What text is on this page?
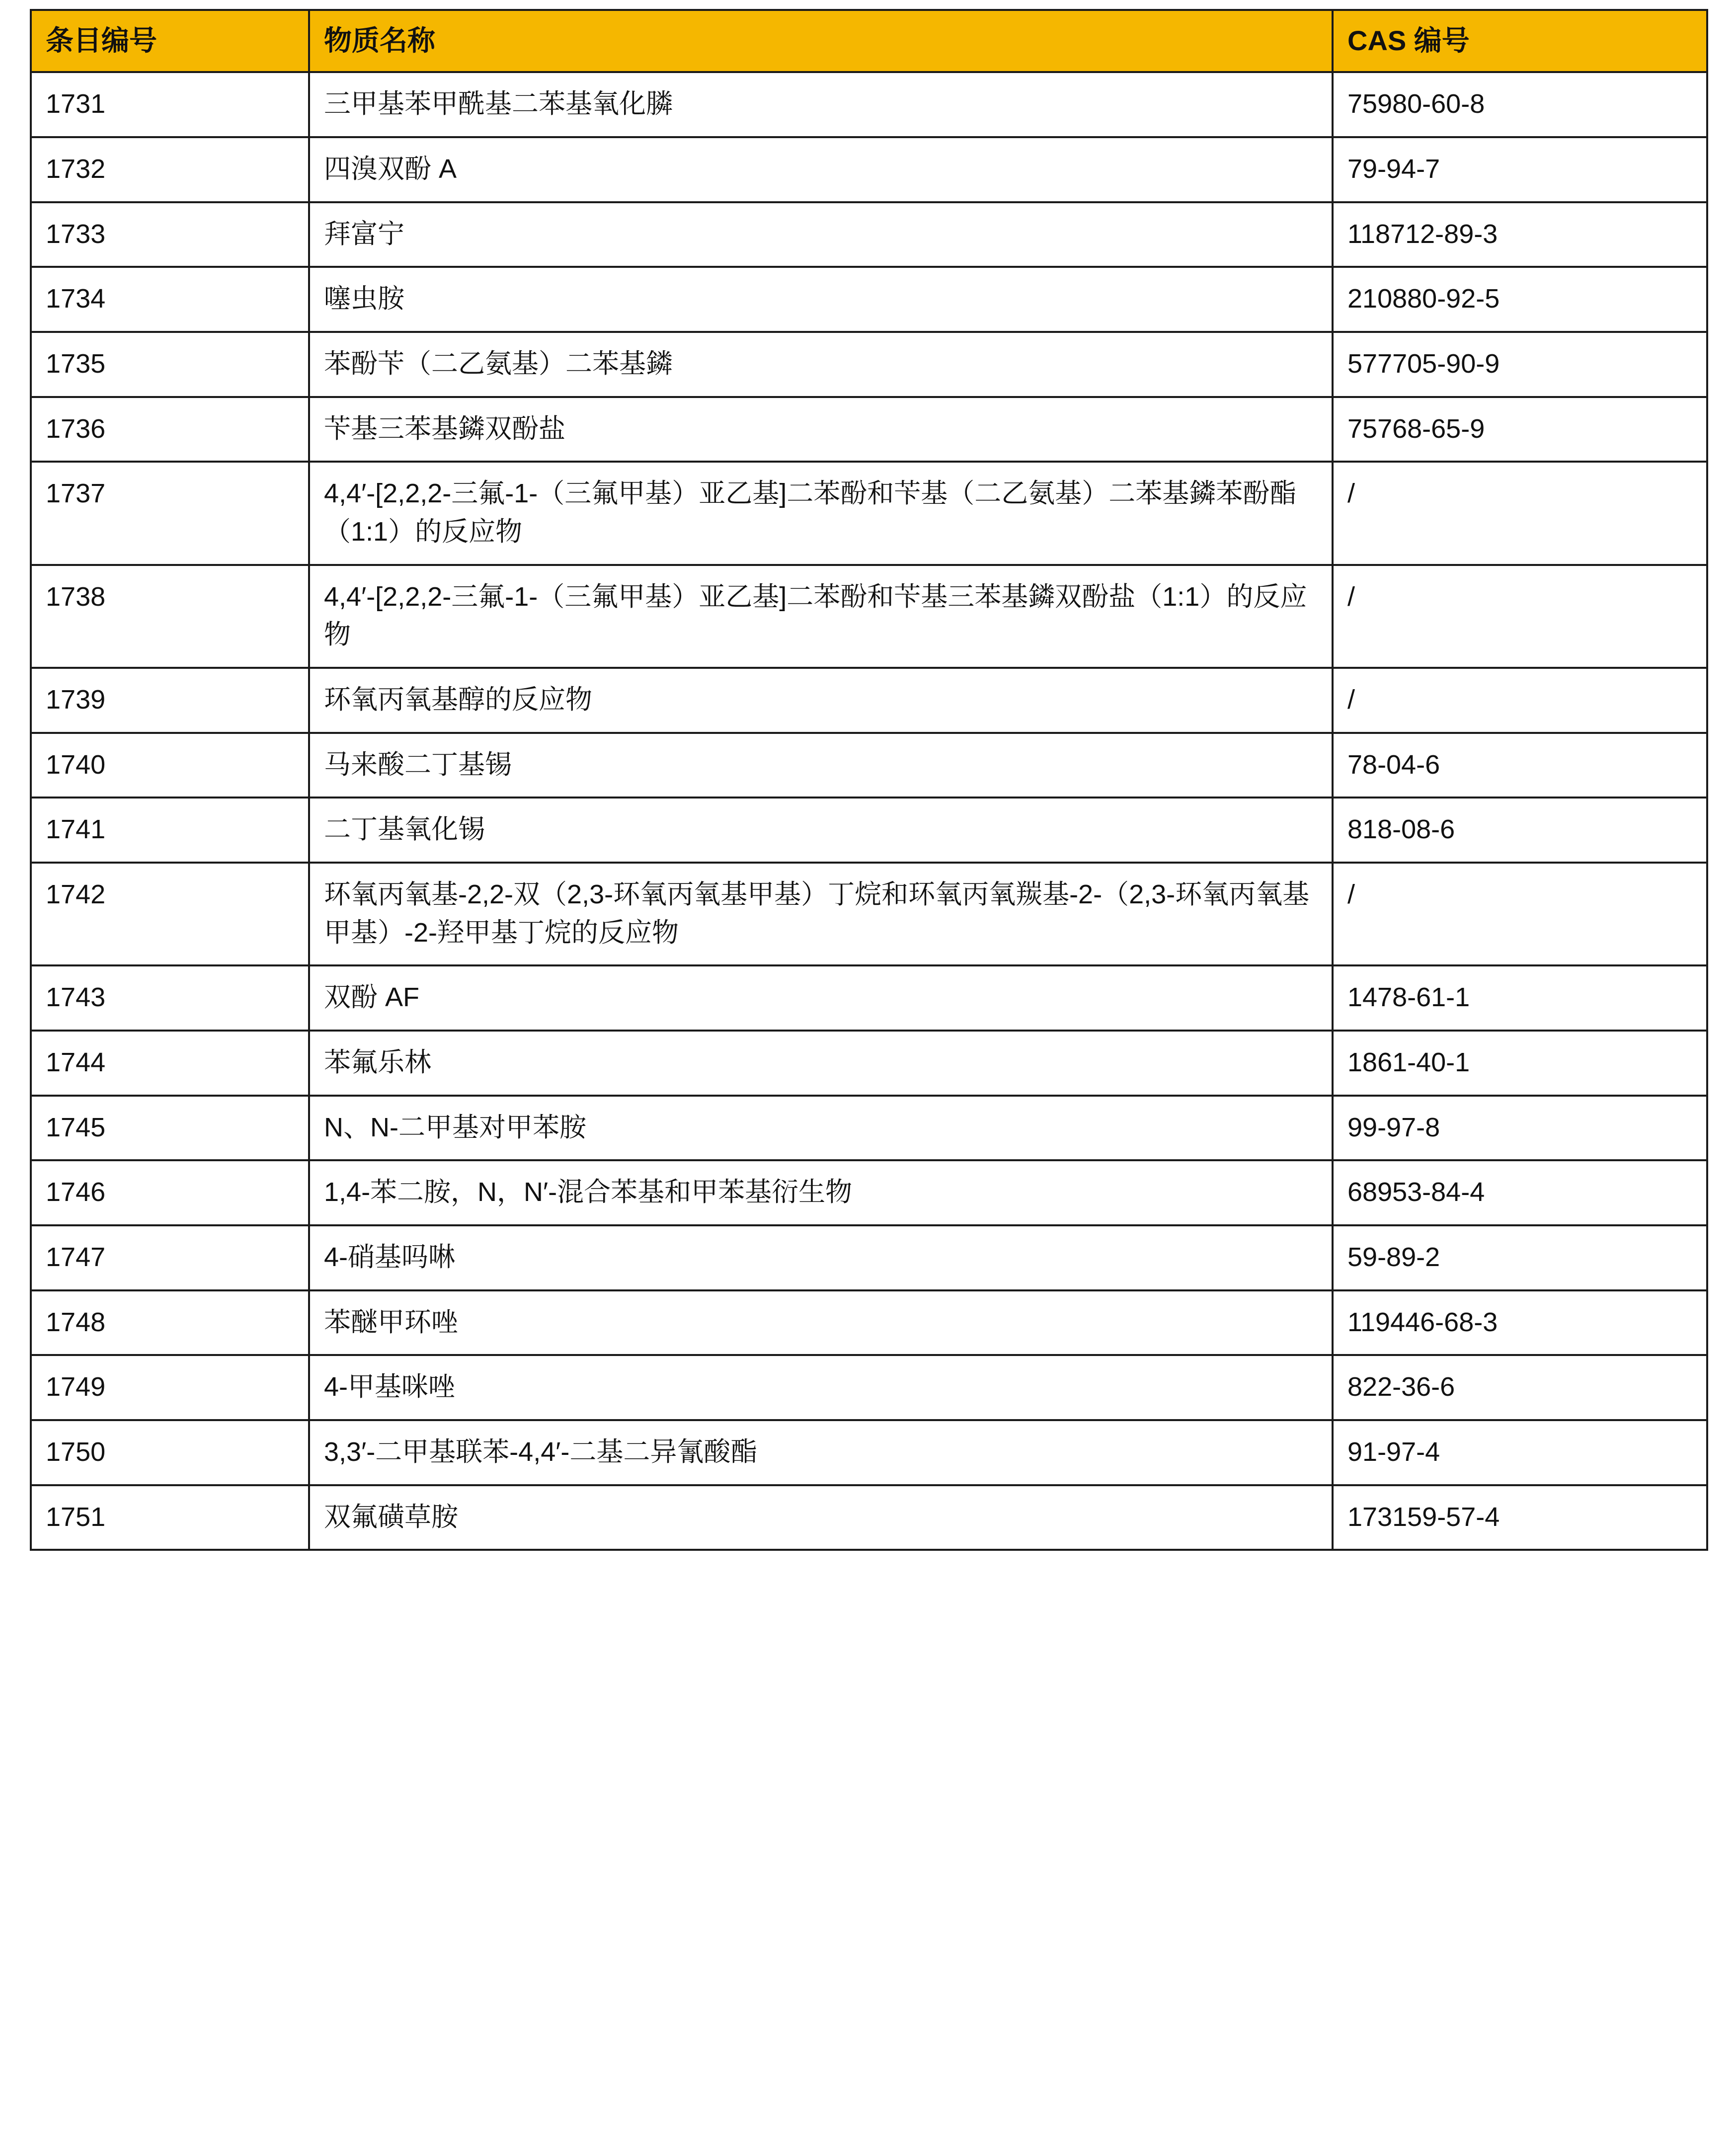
条目编号	物质名称	CAS 编号
1731	三甲基苯甲酰基二苯基氧化膦	75980-60-8
1732	四溴双酚 A	79-94-7
1733	拜富宁	118712-89-3
1734	噻虫胺	210880-92-5
1735	苯酚苄（二乙氨基）二苯基鏻	577705-90-9
1736	苄基三苯基鏻双酚盐	75768-65-9
1737	4,4′-[2,2,2-三氟-1-（三氟甲基）亚乙基]二苯酚和苄基（二乙氨基）二苯基鏻苯酚酯（1:1）的反应物	/
1738	4,4′-[2,2,2-三氟-1-（三氟甲基）亚乙基]二苯酚和苄基三苯基鏻双酚盐（1:1）的反应物	/
1739	环氧丙氧基醇的反应物	/
1740	马来酸二丁基锡	78-04-6
1741	二丁基氧化锡	818-08-6
1742	环氧丙氧基-2,2-双（2,3-环氧丙氧基甲基）丁烷和环氧丙氧羰基-2-（2,3-环氧丙氧基甲基）-2-羟甲基丁烷的反应物	/
1743	双酚 AF	1478-61-1
1744	苯氟乐林	1861-40-1
1745	N、N-二甲基对甲苯胺	99-97-8
1746	1,4-苯二胺，N，N′-混合苯基和甲苯基衍生物	68953-84-4
1747	4-硝基吗啉	59-89-2
1748	苯醚甲环唑	119446-68-3
1749	4-甲基咪唑	822-36-6
1750	3,3′-二甲基联苯-4,4′-二基二异氰酸酯	91-97-4
1751	双氟磺草胺	173159-57-4
